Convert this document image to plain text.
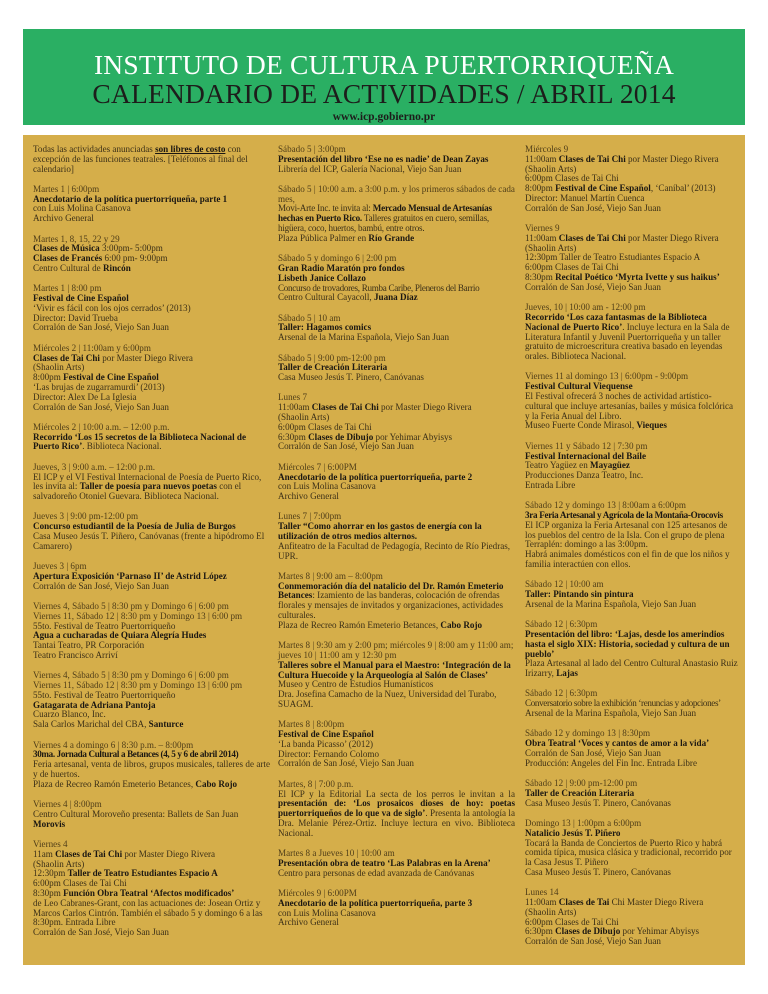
INSTITUTO DE CULTURA PUERTORRIQUEÑA
CALENDARIO DE ACTIVIDADES / ABRIL 2014
www.icp.gobierno.pr

Todas las actividades anunciadas son libres de costo con excepción de las funciones teatrales. [Teléfonos al final del calendario]

Martes 1 | 6:00pm

Anecdotario de la política puertorriqueña, parte 1

con Luis Molina Casanova

Archivo General

Martes 1, 8, 15, 22 y 29

Clases de Música 3:00pm- 5:00pm

Clases de Francés 6:00 pm- 9:00pm

Centro Cultural de Rincón

Martes 1 | 8:00 pm

Festival de Cine Español

‘Vivir es fácil con los ojos cerrados’ (2013)

Director: David Trueba

Corralón de San José, Viejo San Juan

Miércoles 2 | 11:00am y 6:00pm

Clases de Tai Chi por Master Diego Rivera

(Shaolin Arts)

8:00pm Festival de Cine Español

‘Las brujas de zugarramurdi’ (2013)

Director: Alex De La Iglesia

Corralón de San José, Viejo San Juan

Miércoles 2 | 10:00 a.m. – 12:00 p.m.

Recorrido ‘Los 15 secretos de la Biblioteca Nacional de Puerto Rico’. Biblioteca Nacional.

Jueves, 3 | 9:00 a.m. – 12:00 p.m.

El ICP y el VI Festival Internacional de Poesía de Puerto Rico, les invita al: Taller de poesía para nuevos poetas con el salvadoreño Otoniel Guevara. Biblioteca Nacional.

Jueves 3 | 9:00 pm-12:00 pm

Concurso estudiantil de la Poesía de Julia de Burgos

Casa Museo Jesús T. Piñero, Canóvanas (frente a hipódromo El Camarero)

Jueves 3 | 6pm

Apertura Exposición ‘Parnaso II’ de Astrid López

Corralón de San José, Viejo San Juan

Viernes 4, Sábado 5 | 8:30 pm y Domingo 6 | 6:00 pm

Viernes 11, Sábado 12 | 8:30 pm y Domingo 13 | 6:00 pm

55to. Festival de Teatro Puertorriqueño

Agua a cucharadas de Quiara Alegría Hudes

Tantai Teatro, PR Corporación

Teatro Francisco Arriví

Viernes 4, Sábado 5 | 8:30 pm y Domingo 6 | 6:00 pm

Viernes 11, Sábado 12 | 8:30 pm y Domingo 13 | 6:00 pm

55to. Festival de Teatro Puertorriqueño

Gatagarata de Adriana Pantoja

Cuarzo Blanco, Inc.

Sala Carlos Marichal del CBA, Santurce

Viernes 4 a domingo 6 | 8:30 p.m. – 8:00pm

30ma. Jornada Cultural a Betances (4, 5 y 6 de abril 2014)

Feria artesanal, venta de libros, grupos musicales, talleres de arte y de huertos.

Plaza de Recreo Ramón Emeterio Betances, Cabo Rojo

Viernes 4 | 8:00pm

Centro Cultural Moroveño presenta: Ballets de San Juan

Morovis

Viernes 4

11am Clases de Tai Chi por Master Diego Rivera

(Shaolin Arts)

12:30pm Taller de Teatro Estudiantes Espacio A

6:00pm Clases de Tai Chi

8:30pm Función Obra Teatral ‘Afectos modificados’

de Leo Cabranes-Grant, con las actuaciones de: Josean Ortiz y Marcos Carlos Cintrón. También el sábado 5 y domingo 6 a las 8:30pm. Entrada Libre

Corralón de San José, Viejo San Juan

Sábado 5 | 3:00pm

Presentación del libro ‘Ese no es nadie’ de Dean Zayas

Librería del ICP, Galería Nacional, Viejo San Juan

Sábado 5 | 10:00 a.m. a 3:00 p.m. y los primeros sábados de cada mes,

Movi-Arte Inc. te invita al: Mercado Mensual de Artesanías hechas en Puerto Rico. Talleres gratuitos en cuero, semillas, higüera, coco, huertos, bambú, entre otros.

Plaza Pública Palmer en Río Grande

Sábado 5 y domingo 6 | 2:00 pm

Gran Radio Maratón pro fondos

Lisbeth Janice Collazo

Concurso de trovadores, Rumba Caribe, Pleneros del Barrio

Centro Cultural Cayacoll, Juana Díaz

Sábado 5 | 10 am

Taller: Hagamos comics

Arsenal de la Marina Española, Viejo San Juan

Sábado 5 | 9:00 pm-12:00 pm

Taller de Creación Literaria

Casa Museo Jesús T. Pinero, Canóvanas

Lunes 7

11:00am Clases de Tai Chi por Master Diego Rivera

(Shaolin Arts)

6:00pm Clases de Tai Chi

6:30pm Clases de Dibujo por Yehimar Abyisys

Corralón de San José, Viejo San Juan

Miércoles 7 | 6:00PM

Anecdotario de la política puertorriqueña, parte 2

con Luis Molina Casanova

Archivo General

Lunes 7 | 7:00pm

Taller “Como ahorrar en los gastos de energía con la utilización de otros medios alternos.

Anfiteatro de la Facultad de Pedagogía, Recinto de Río Piedras, UPR.

Martes 8 | 9:00 am – 8:00pm

Conmemoración día del natalicio del Dr. Ramón Emeterio Betances: Izamiento de las banderas, colocación de ofrendas florales y mensajes de invitados y organizaciones, actividades culturales.

Plaza de Recreo Ramón Emeterio Betances, Cabo Rojo

Martes 8 | 9:30 am y 2:00 pm; miércoles 9 | 8:00 am y 11:00 am; jueves 10 | 11:00 am y 12:30 pm

Talleres sobre el Manual para el Maestro: ‘Integración de la Cultura Huecoide y la Arqueología al Salón de Clases’

Museo y Centro de Estudios Humanísticos

Dra. Josefina Camacho de la Nuez, Universidad del Turabo, SUAGM.

Martes 8 | 8:00pm

Festival de Cine Español

‘La banda Picasso’ (2012)

Director: Fernando Colomo

Corralón de San José, Viejo San Juan

Martes, 8 | 7:00 p.m.

El ICP y la Editorial La secta de los perros le invitan a la presentación de: ‘Los prosaicos dioses de hoy: poetas puertorriqueños de lo que va de siglo’. Presenta la antología la Dra. Melanie Pérez-Ortiz. Incluye lectura en vivo. Biblioteca Nacional.

Martes 8 a Jueves 10 | 10:00 am

Presentación obra de teatro ‘Las Palabras en la Arena’

Centro para personas de edad avanzada de Canóvanas

Miércoles 9 | 6:00PM

Anecdotario de la política puertorriqueña, parte 3

con Luis Molina Casanova

Archivo General

Miércoles 9

11:00am Clases de Tai Chi por Master Diego Rivera

(Shaolin Arts)

6:00pm Clases de Tai Chi

8:00pm Festival de Cine Español, ‘Caníbal’ (2013)

Director: Manuel Martín Cuenca

Corralón de San José, Viejo San Juan

Viernes 9

11:00am Clases de Tai Chi por Master Diego Rivera

(Shaolin Arts)

12:30pm Taller de Teatro Estudiantes Espacio A

6:00pm Clases de Tai Chi

8:30pm Recital Poético ‘Myrta Ivette y sus haikus’

Corralón de San José, Viejo San Juan

Jueves, 10 | 10:00 am - 12:00 pm

Recorrido ‘Los caza fantasmas de la Biblioteca Nacional de Puerto Rico’. Incluye lectura en la Sala de Literatura Infantil y Juvenil Puertorriqueña y un taller gratuito de microescritura creativa basado en leyendas orales. Biblioteca Nacional.

Viernes 11 al domingo 13 | 6:00pm - 9:00pm

Festival Cultural Viequense

El Festival ofrecerá 3 noches de actividad artístico-cultural que incluye artesanías, bailes y música folclórica y la Feria Anual del Libro.

Museo Fuerte Conde Mirasol, Vieques

Viernes 11 y Sábado 12 | 7:30 pm

Festival Internacional del Baile

Teatro Yagüez en Mayagüez

Producciones Danza Teatro, Inc.

Entrada Libre

Sábado 12 y domingo 13 | 8:00am a 6:00pm

3ra Feria Artesanal y Agrícola de la Montaña-Orocovis

El ICP organiza la Feria Artesanal con 125 artesanos de los pueblos del centro de la Isla. Con el grupo de plena Terraplén: domingo a las 3:00pm.

Habrá animales domésticos con el fin de que los niños y familia interactúen con ellos.

Sábado 12 | 10:00 am

Taller: Pintando sin pintura

Arsenal de la Marina Española, Viejo San Juan

Sábado 12 | 6:30pm

Presentación del libro: ‘Lajas, desde los amerindios hasta el siglo XIX: Historia, sociedad y cultura de un pueblo’

Plaza Artesanal al lado del Centro Cultural Anastasio Ruiz Irizarry, Lajas

Sábado 12 | 6:30pm

Conversatorio sobre la exhibición ‘renuncias y adopciones’

Arsenal de la Marina Española, Viejo San Juan

Sábado 12 y domingo 13 | 8:30pm

Obra Teatral ‘Voces y cantos de amor a la vida’

Corralón de San José, Viejo San Juan

Producción: Angeles del Fin Inc. Entrada Libre

Sábado 12 | 9:00 pm-12:00 pm

Taller de Creación Literaria

Casa Museo Jesús T. Pinero, Canóvanas

Domingo 13 | 1:00pm a 6:00pm

Natalicio Jesús T. Piñero

Tocará la Banda de Conciertos de Puerto Rico y habrá comida típica, musica clásica y tradicional, recorrido por la Casa Jesus T. Piñero

Casa Museo Jesús T. Pinero, Canóvanas

Lunes 14

11:00am Clases de Tai Chi Master Diego Rivera

(Shaolin Arts)

6:00pm Clases de Tai Chi

6:30pm Clases de Dibujo por Yehimar Abyisys

Corralón de San José, Viejo San Juan
